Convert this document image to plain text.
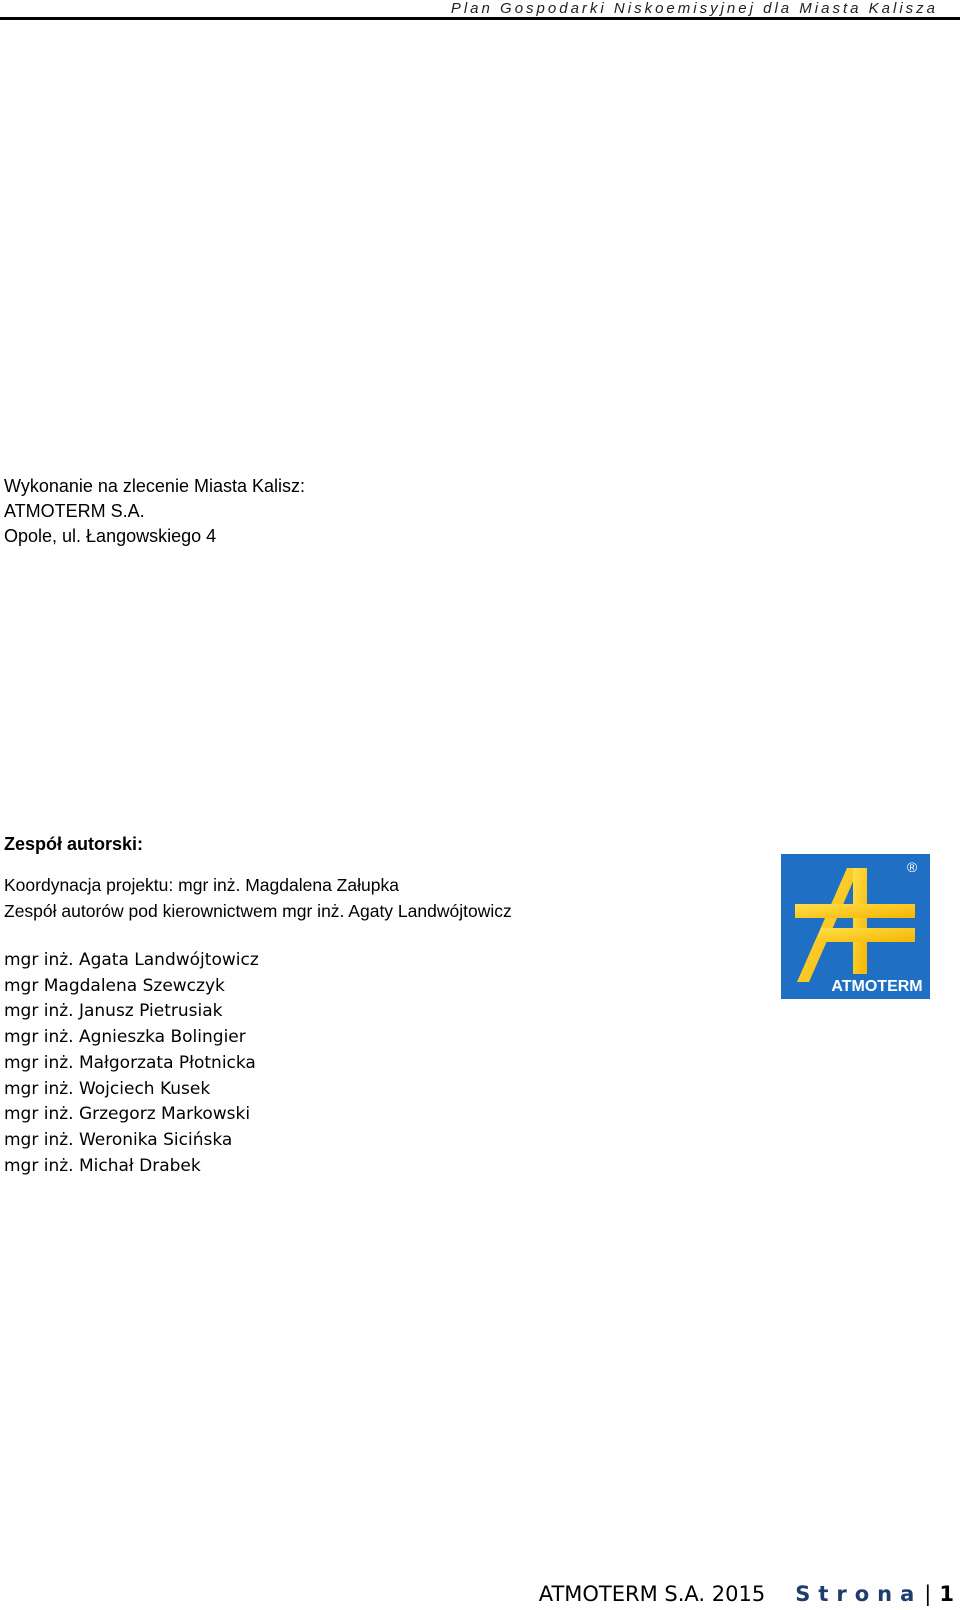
Plan Gospodarki Niskoemisyjnej dla Miasta Kalisza
Wykonanie na zlecenie Miasta Kalisz:
ATMOTERM S.A.
Opole, ul. Łangowskiego 4
Zespół autorski:
Koordynacja projektu: mgr inż. Magdalena Załupka
Zespół autorów pod kierownictwem mgr inż. Agaty Landwójtowicz
mgr inż. Agata Landwójtowicz
mgr Magdalena Szewczyk
mgr inż. Janusz Pietrusiak
mgr inż. Agnieszka Bolingier
mgr inż. Małgorzata Płotnicka
mgr inż. Wojciech Kusek
mgr inż. Grzegorz Markowski
mgr inż. Weronika Sicińska
mgr inż. Michał Drabek
®
ATMOTERM
ATMOTERM S.A. 2015 Strona| 1
